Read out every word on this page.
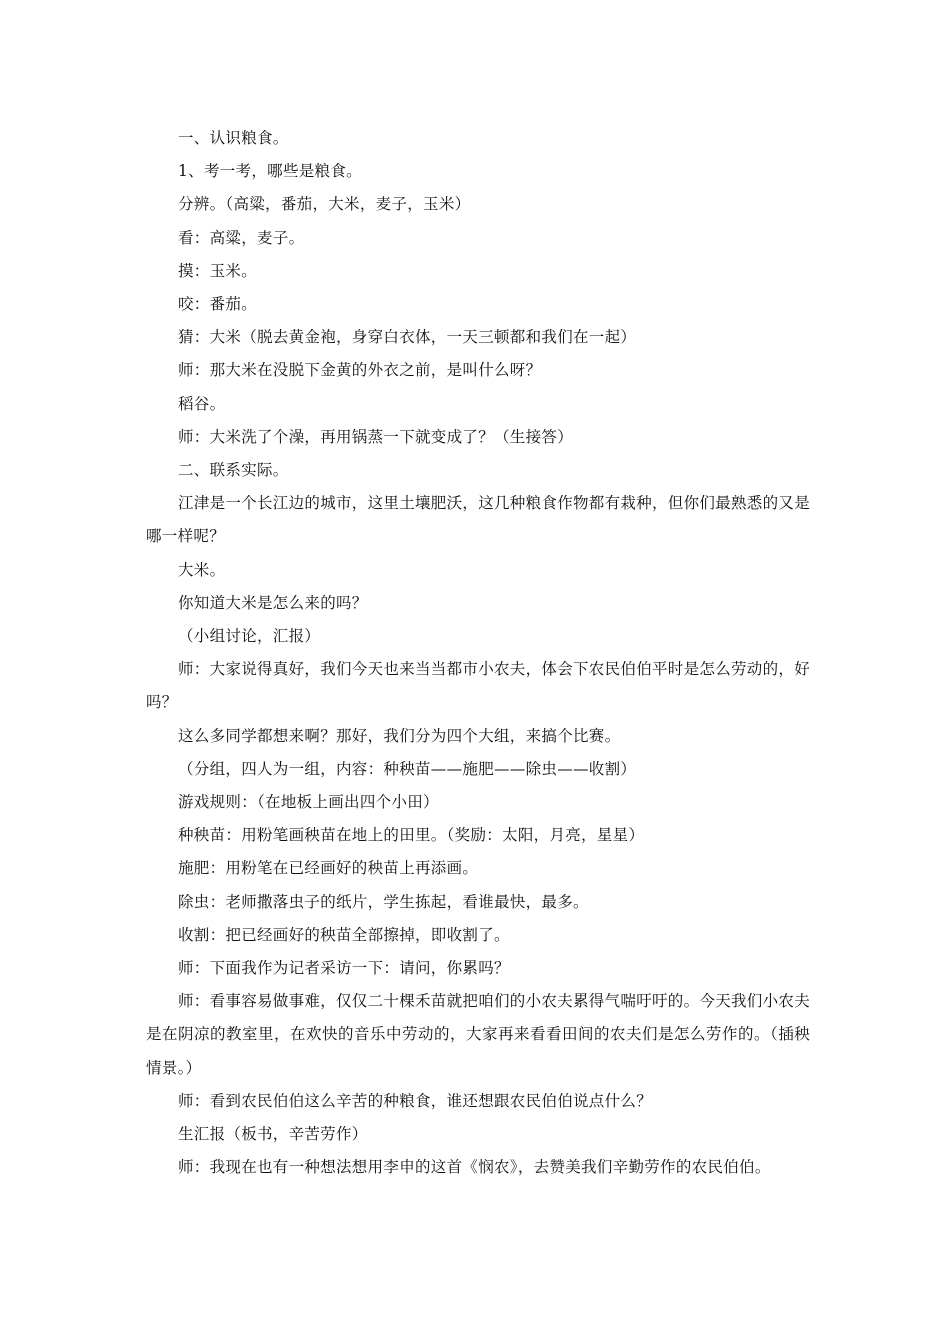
一、认识粮食。

1、考一考，哪些是粮食。

分辨。（高粱，番茄，大米，麦子，玉米）

看：高粱，麦子。

摸：玉米。

咬：番茄。

猜：大米（脱去黄金袍，身穿白衣体，一天三顿都和我们在一起）

师：那大米在没脱下金黄的外衣之前，是叫什么呀？

稻谷。

师：大米洗了个澡，再用锅蒸一下就变成了？（生接答）

二、联系实际。

江津是一个长江边的城市，这里土壤肥沃，这几种粮食作物都有栽种，但你们最熟悉的又是哪一样呢？

大米。

你知道大米是怎么来的吗？

（小组讨论，汇报）

师：大家说得真好，我们今天也来当当都市小农夫，体会下农民伯伯平时是怎么劳动的，好吗？

这么多同学都想来啊？那好，我们分为四个大组，来搞个比赛。

（分组，四人为一组，内容：种秧苗——施肥——除虫——收割）

游戏规则：（在地板上画出四个小田）

种秧苗：用粉笔画秧苗在地上的田里。（奖励：太阳，月亮，星星）

施肥：用粉笔在已经画好的秧苗上再添画。

除虫：老师撒落虫子的纸片，学生拣起，看谁最快，最多。

收割：把已经画好的秧苗全部擦掉，即收割了。

师：下面我作为记者采访一下：请问，你累吗？

师：看事容易做事难，仅仅二十棵禾苗就把咱们的小农夫累得气喘吁吁的。今天我们小农夫是在阴凉的教室里，在欢快的音乐中劳动的，大家再来看看田间的农夫们是怎么劳作的。（插秧情景。）

师：看到农民伯伯这么辛苦的种粮食，谁还想跟农民伯伯说点什么？

生汇报（板书，辛苦劳作）

师：我现在也有一种想法想用李申的这首《悯农》，去赞美我们辛勤劳作的农民伯伯。
